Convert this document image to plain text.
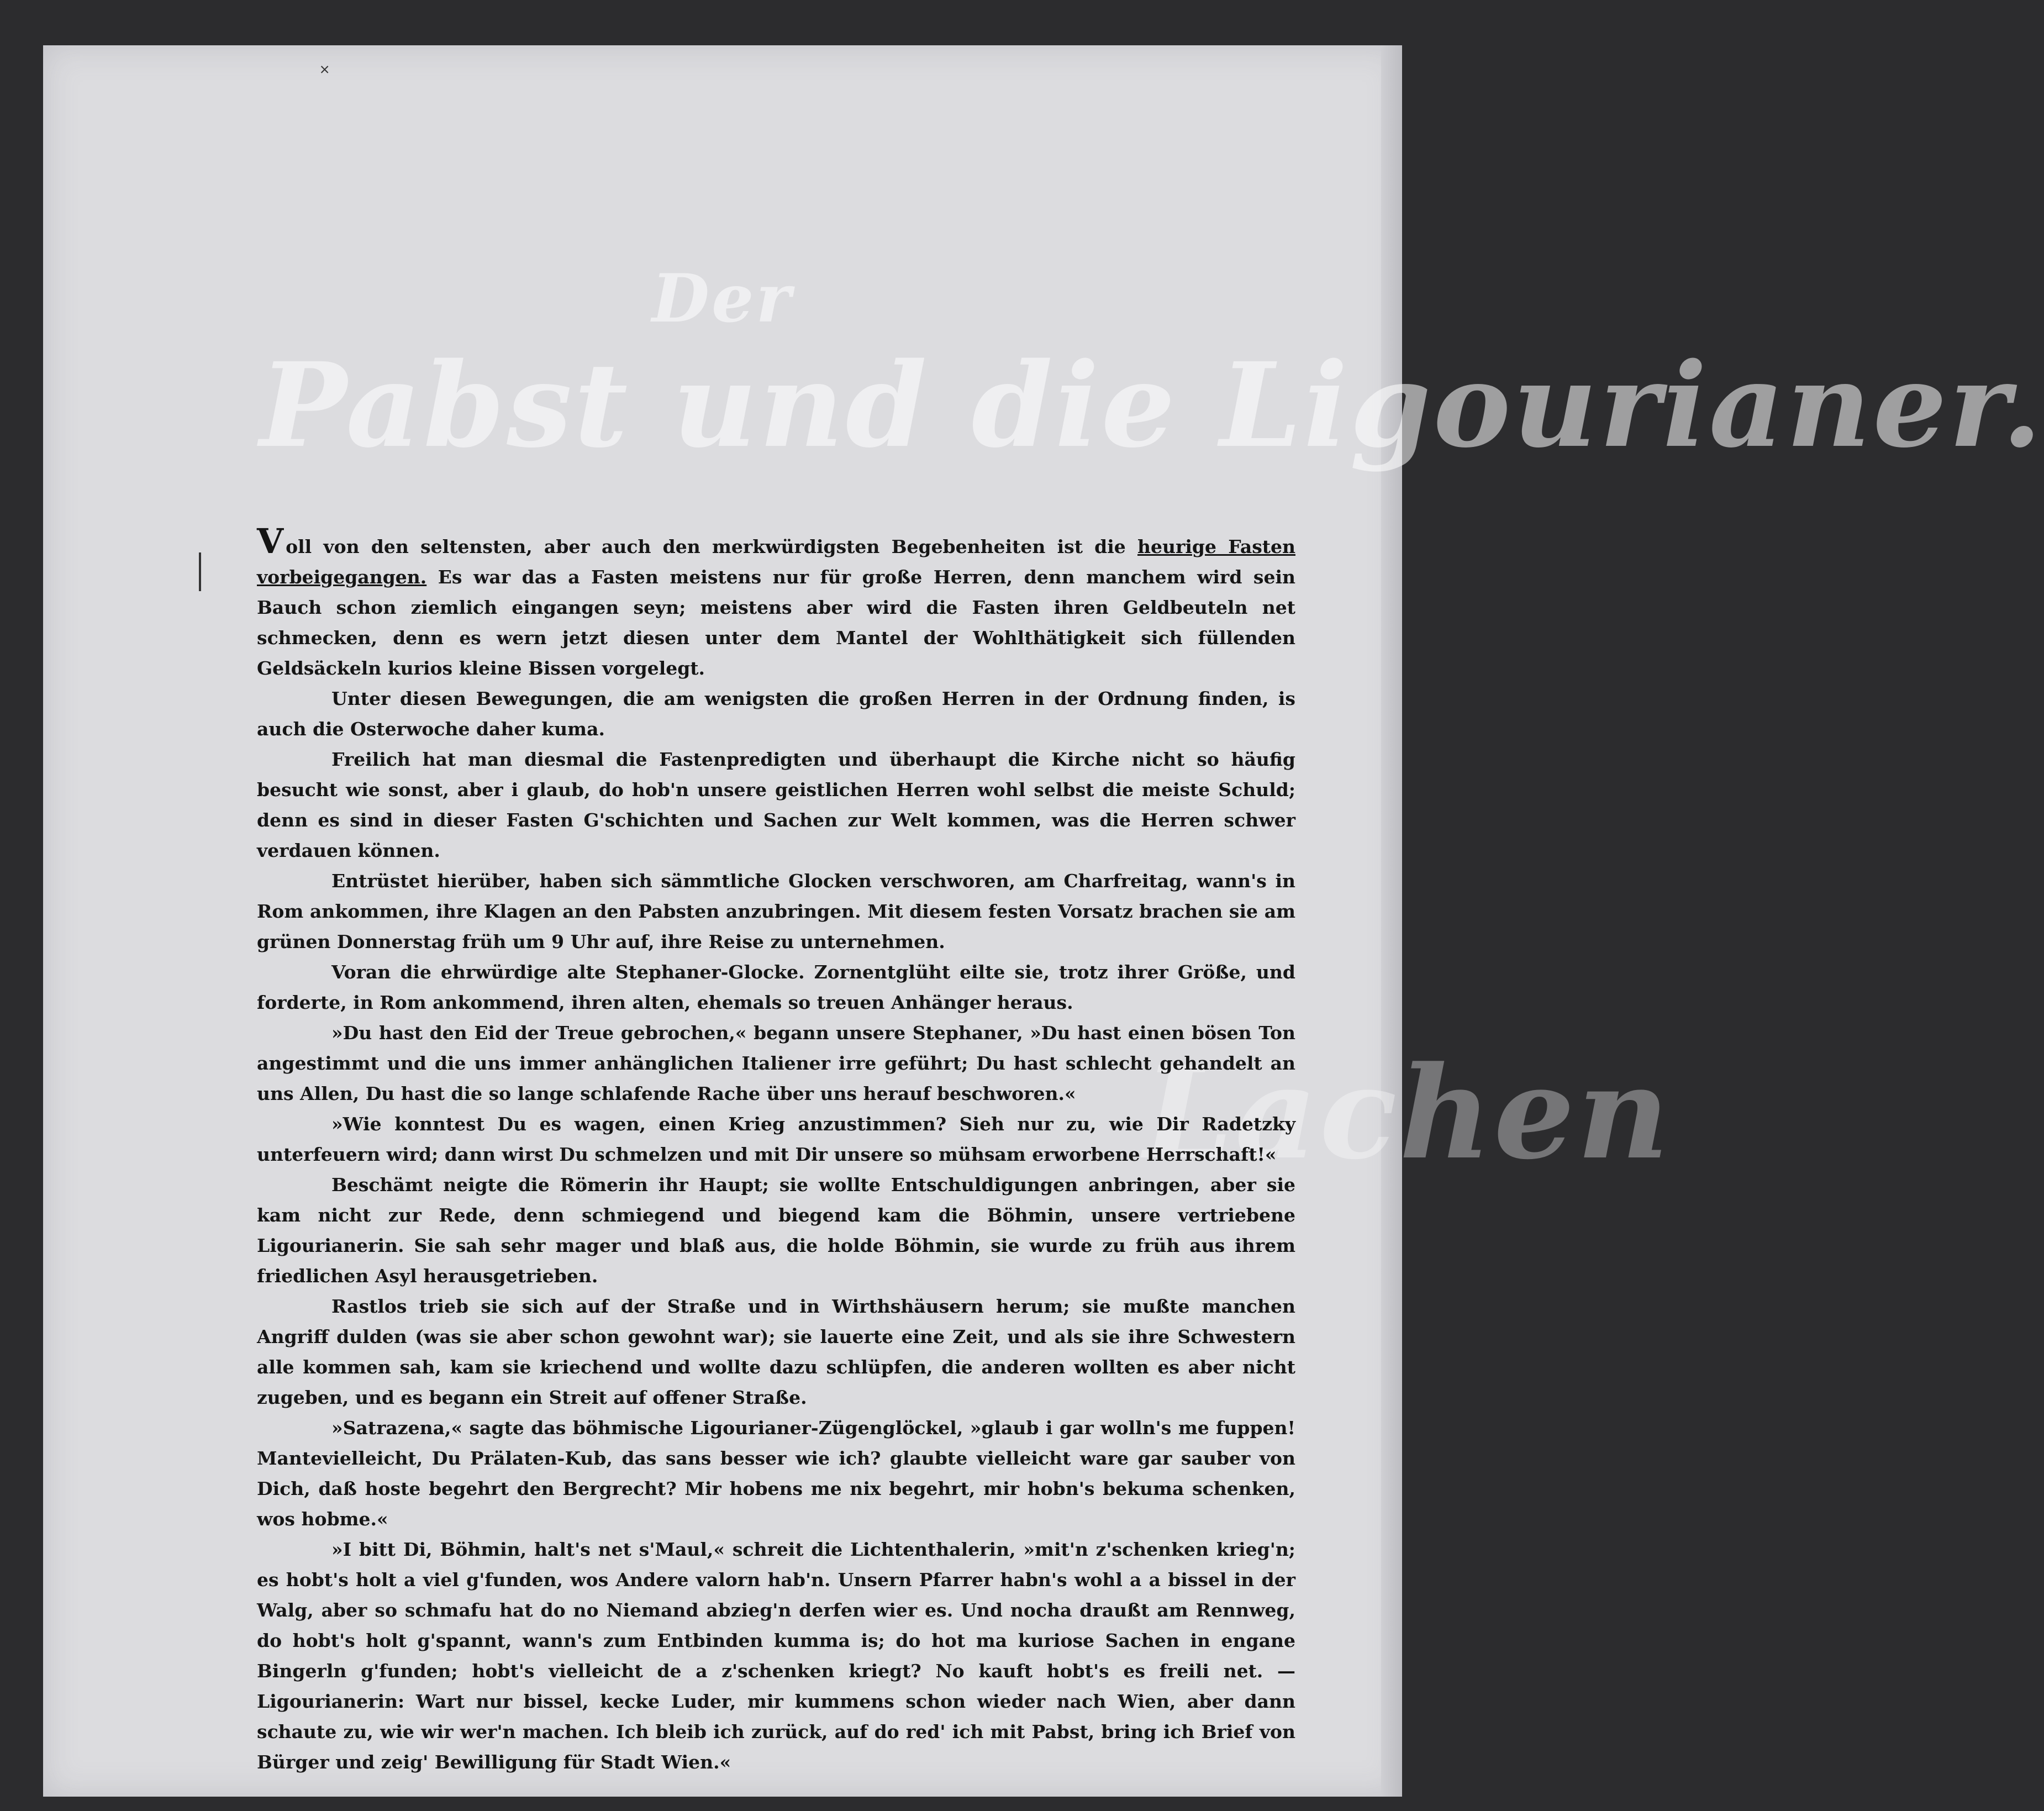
Der
Pabst und die Ligourianer.
Lachen
˟

Voll von den seltensten, aber auch den merkwürdigsten Begebenheiten ist die heurige Fasten vorbeigegangen. Es war das a Fasten meistens nur für große Herren, denn manchem wird sein Bauch schon ziemlich eingangen seyn; meistens aber wird die Fasten ihren Geldbeuteln net schmecken, denn es wern jetzt diesen unter dem Mantel der Wohlthätigkeit sich füllenden Geldsäckeln kurios kleine Bissen vorgelegt.

Unter diesen Bewegungen, die am wenigsten die großen Herren in der Ordnung finden, is auch die Osterwoche daher kuma.

Freilich hat man diesmal die Fastenpredigten und überhaupt die Kirche nicht so häufig besucht wie sonst, aber i glaub, do hob'n unsere geistlichen Herren wohl selbst die meiste Schuld; denn es sind in dieser Fasten G'schichten und Sachen zur Welt kommen, was die Herren schwer verdauen können.

Entrüstet hierüber, haben sich sämmtliche Glocken verschworen, am Charfreitag, wann's in Rom ankommen, ihre Klagen an den Pabsten anzubringen. Mit diesem festen Vorsatz brachen sie am grünen Donnerstag früh um 9 Uhr auf, ihre Reise zu unternehmen.

Voran die ehrwürdige alte Stephaner-Glocke. Zornentglüht eilte sie, trotz ihrer Größe, und forderte, in Rom ankommend, ihren alten, ehemals so treuen Anhänger heraus.

»Du hast den Eid der Treue gebrochen,« begann unsere Stephaner, »Du hast einen bösen Ton angestimmt und die uns immer anhänglichen Italiener irre geführt; Du hast schlecht gehandelt an uns Allen, Du hast die so lange schlafende Rache über uns herauf beschworen.«

»Wie konntest Du es wagen, einen Krieg anzustimmen? Sieh nur zu, wie Dir Radetzky unterfeuern wird; dann wirst Du schmelzen und mit Dir unsere so mühsam erworbene Herrschaft!«

Beschämt neigte die Römerin ihr Haupt; sie wollte Entschuldigungen anbringen, aber sie kam nicht zur Rede, denn schmiegend und biegend kam die Böhmin, unsere vertriebene Ligourianerin. Sie sah sehr mager und blaß aus, die holde Böhmin, sie wurde zu früh aus ihrem friedlichen Asyl herausgetrieben.

Rastlos trieb sie sich auf der Straße und in Wirthshäusern herum; sie mußte manchen Angriff dulden (was sie aber schon gewohnt war); sie lauerte eine Zeit, und als sie ihre Schwestern alle kommen sah, kam sie kriechend und wollte dazu schlüpfen, die anderen wollten es aber nicht zugeben, und es begann ein Streit auf offener Straße.

»Satrazena,« sagte das böhmische Ligourianer-Zügenglöckel, »glaub i gar wolln's me fuppen! Mantevielleicht, Du Prälaten-Kub, das sans besser wie ich? glaubte vielleicht ware gar sauber von Dich, daß hoste begehrt den Bergrecht? Mir hobens me nix begehrt, mir hobn's bekuma schenken, wos hobme.«

»I bitt Di, Böhmin, halt's net s'Maul,« schreit die Lichtenthalerin, »mit'n z'schenken krieg'n; es hobt's holt a viel g'funden, wos Andere valorn hab'n. Unsern Pfarrer habn's wohl a a bissel in der Walg, aber so schmafu hat do no Niemand abzieg'n derfen wier es. Und nocha draußt am Rennweg, do hobt's holt g'spannt, wann's zum Entbinden kumma is; do hot ma kuriose Sachen in engane Bingerln g'funden; hobt's vielleicht de a z'schenken kriegt? No kauft hobt's es freili net. — Ligourianerin: Wart nur bissel, kecke Luder, mir kummens schon wieder nach Wien, aber dann schaute zu, wie wir wer'n machen. Ich bleib ich zurück, auf do red' ich mit Pabst, bring ich Brief von Bürger und zeig' Bewilligung für Stadt Wien.«
